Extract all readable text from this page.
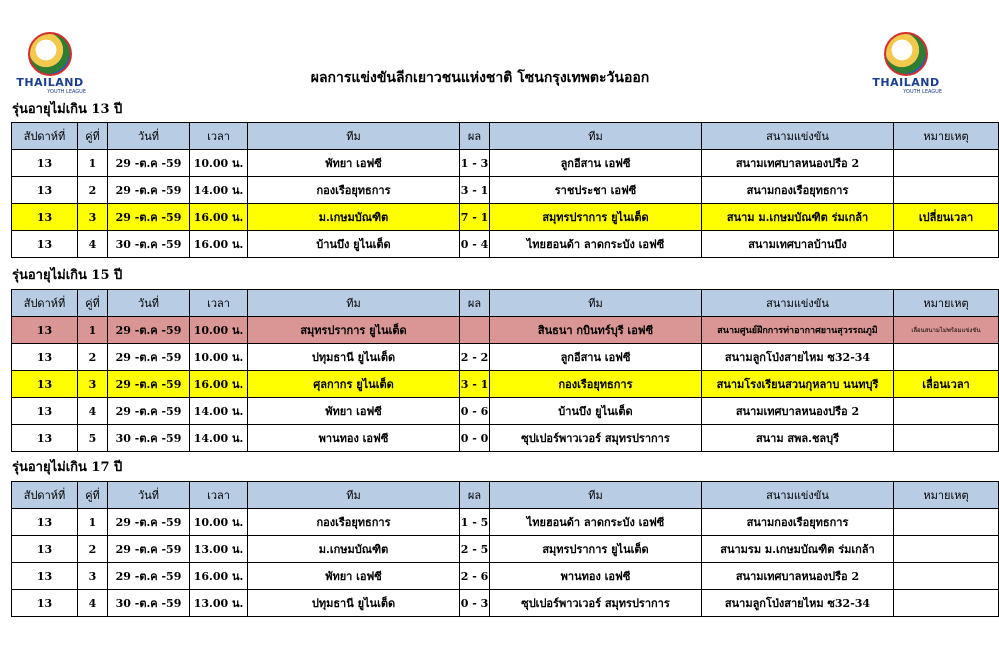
THAILAND
YOUTH LEAGUE
THAILAND
YOUTH LEAGUE
ผลการแข่งขันลีกเยาวชนแห่งชาติ โซนกรุงเทพตะวันออก
รุ่นอายุไม่เกิน 13 ปี
สัปดาห์ที่	คู่ที่	วันที่	เวลา	ทีม	ผล	ทีม	สนามแข่งขัน	หมายเหตุ
13	1	29 -ต.ค -59	10.00 น.	พัทยา เอฟซี	1 - 3	ลูกอีสาน เอฟซี	สนามเทศบาลหนองปรือ 2	
13	2	29 -ต.ค -59	14.00 น.	กองเรือยุทธการ	3 - 1	ราชประชา เอฟซี	สนามกองเรือยุทธการ	
13	3	29 -ต.ค -59	16.00 น.	ม.เกษมบัณฑิต	7 - 1	สมุทรปราการ ยูไนเต็ด	สนาม ม.เกษมบัณฑิต ร่มเกล้า	เปลี่ยนเวลา
13	4	30 -ต.ค -59	16.00 น.	บ้านบึง ยูไนเต็ด	0 - 4	ไทยฮอนด้า ลาดกระบัง เอฟซี	สนามเทศบาลบ้านบึง	
รุ่นอายุไม่เกิน 15 ปี
สัปดาห์ที่	คู่ที่	วันที่	เวลา	ทีม	ผล	ทีม	สนามแข่งขัน	หมายเหตุ
13	1	29 -ต.ค -59	10.00 น.	สมุทรปราการ ยูไนเต็ด		สินธนา กบินทร์บุรี เอฟซี	สนามศูนย์ฝึกการท่าอากาศยานสุวรรณภูมิ	เลื่อนสนามไม่พร้อมแข่งขัน
13	2	29 -ต.ค -59	10.00 น.	ปทุมธานี ยูไนเต็ด	2 - 2	ลูกอีสาน เอฟซี	สนามลูกโป่งสายไหม ซ32-34	
13	3	29 -ต.ค -59	16.00 น.	ศุลกากร ยูไนเต็ด	3 - 1	กองเรือยุทธการ	สนามโรงเรียนสวนกุหลาบ นนทบุรี	เลื่อนเวลา
13	4	29 -ต.ค -59	14.00 น.	พัทยา เอฟซี	0 - 6	บ้านบึง ยูไนเต็ด	สนามเทศบาลหนองปรือ 2	
13	5	30 -ต.ค -59	14.00 น.	พานทอง เอฟซี	0 - 0	ซุปเปอร์พาวเวอร์ สมุทรปราการ	สนาม สพล.ชลบุรี	
รุ่นอายุไม่เกิน 17 ปี
สัปดาห์ที่	คู่ที่	วันที่	เวลา	ทีม	ผล	ทีม	สนามแข่งขัน	หมายเหตุ
13	1	29 -ต.ค -59	10.00 น.	กองเรือยุทธการ	1 - 5	ไทยฮอนด้า ลาดกระบัง เอฟซี	สนามกองเรือยุทธการ	
13	2	29 -ต.ค -59	13.00 น.	ม.เกษมบัณฑิต	2 - 5	สมุทรปราการ ยูไนเต็ด	สนามรม ม.เกษมบัณฑิต ร่มเกล้า	
13	3	29 -ต.ค -59	16.00 น.	พัทยา เอฟซี	2 - 6	พานทอง เอฟซี	สนามเทศบาลหนองปรือ 2	
13	4	30 -ต.ค -59	13.00 น.	ปทุมธานี ยูไนเต็ด	0 - 3	ซุปเปอร์พาวเวอร์ สมุทรปราการ	สนามลูกโป่งสายไหม ซ32-34	
